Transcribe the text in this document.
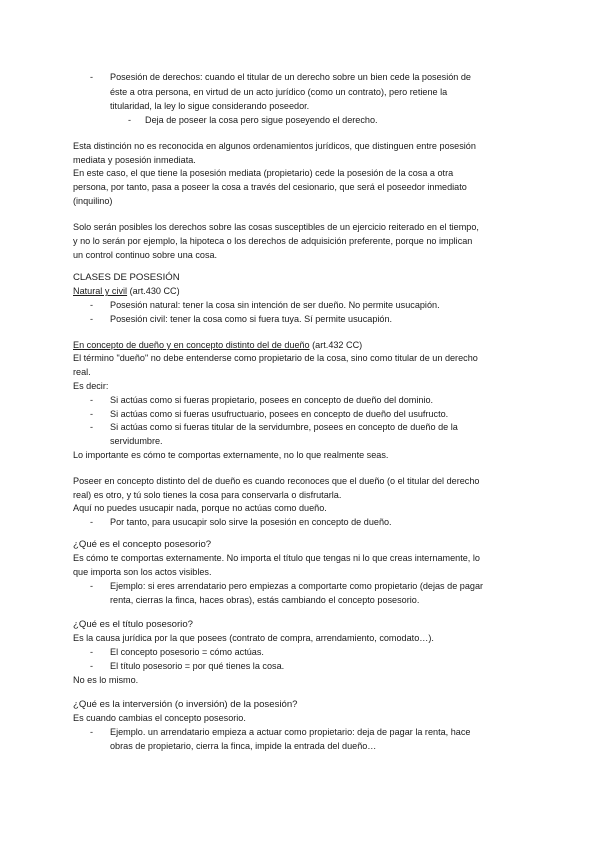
- Posesión de derechos: cuando el titular de un derecho sobre un bien cede la posesión de
éste a otra persona, en virtud de un acto jurídico (como un contrato), pero retiene la
titularidad, la ley lo sigue considerando poseedor.
- Deja de poseer la cosa pero sigue poseyendo el derecho.
Esta distinción no es reconocida en algunos ordenamientos jurídicos, que distinguen entre posesión
mediata y posesión inmediata.
En este caso, el que tiene la posesión mediata (propietario) cede la posesión de la cosa a otra
persona, por tanto, pasa a poseer la cosa a través del cesionario, que será el poseedor inmediato
(inquilino)
Solo serán posibles los derechos sobre las cosas susceptibles de un ejercicio reiterado en el tiempo,
y no lo serán por ejemplo, la hipoteca o los derechos de adquisición preferente, porque no implican
un control continuo sobre una cosa.
CLASES DE POSESIÓN
Natural y civil (art.430 CC)
- Posesión natural: tener la cosa sin intención de ser dueño. No permite usucapión.
- Posesión civil: tener la cosa como si fuera tuya. Sí permite usucapión.
En concepto de dueño y en concepto distinto del de dueño (art.432 CC)
El término "dueño" no debe entenderse como propietario de la cosa, sino como titular de un derecho
real.
Es decir:
- Si actúas como si fueras propietario, posees en concepto de dueño del dominio.
- Si actúas como si fueras usufructuario, posees en concepto de dueño del usufructo.
- Si actúas como si fueras titular de la servidumbre, posees en concepto de dueño de la
servidumbre.
Lo importante es cómo te comportas externamente, no lo que realmente seas.
Poseer en concepto distinto del de dueño es cuando reconoces que el dueño (o el titular del derecho
real) es otro, y tú solo tienes la cosa para conservarla o disfrutarla.
Aquí no puedes usucapir nada, porque no actúas como dueño.
- Por tanto, para usucapir solo sirve la posesión en concepto de dueño.
¿Qué es el concepto posesorio?
Es cómo te comportas externamente. No importa el título que tengas ni lo que creas internamente, lo
que importa son los actos visibles.
- Ejemplo: si eres arrendatario pero empiezas a comportarte como propietario (dejas de pagar
renta, cierras la finca, haces obras), estás cambiando el concepto posesorio.
¿Qué es el título posesorio?
Es la causa jurídica por la que posees (contrato de compra, arrendamiento, comodato…).
- El concepto posesorio = cómo actúas.
- El título posesorio = por qué tienes la cosa.
No es lo mismo.
¿Qué es la interversión (o inversión) de la posesión?
Es cuando cambias el concepto posesorio.
- Ejemplo. un arrendatario empieza a actuar como propietario: deja de pagar la renta, hace
obras de propietario, cierra la finca, impide la entrada del dueño…
